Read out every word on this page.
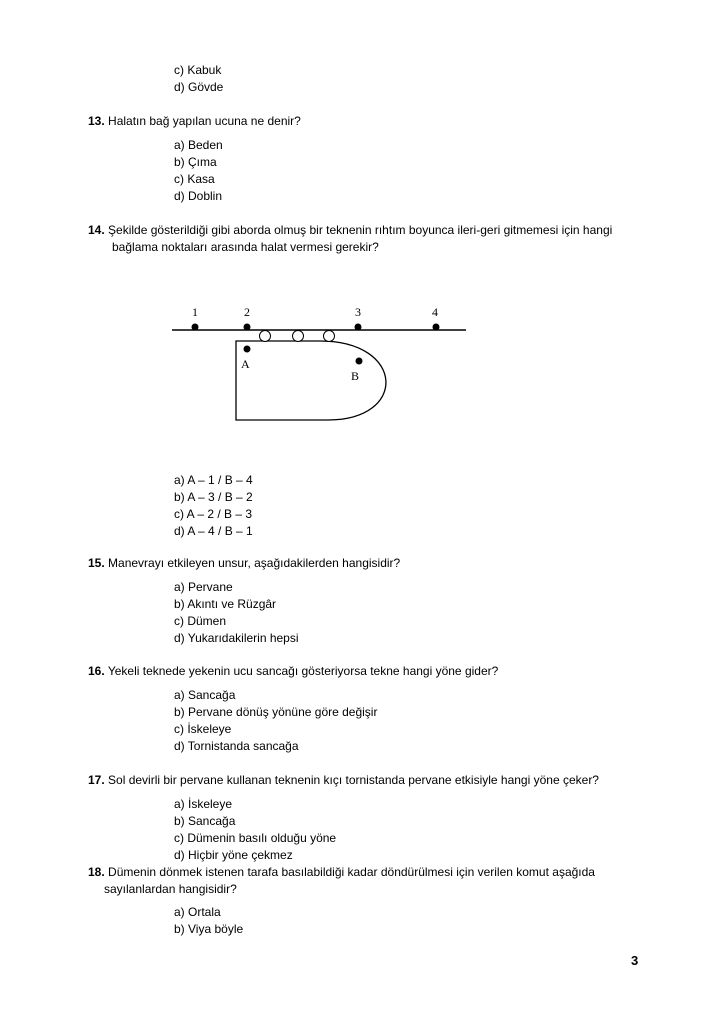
c) Kabuk
d) Gövde
13. Halatın bağ yapılan ucuna ne denir?
a) Beden
b) Çıma
c) Kasa
d) Doblin
14. Şekilde gösterildiği gibi aborda olmuş bir teknenin rıhtım boyunca ileri-geri gitmemesi için hangi
bağlama noktaları arasında halat vermesi gerekir?
1	2	3	4
A
B
a) A – 1 / B – 4
b) A – 3 / B – 2
c) A – 2 / B – 3
d) A – 4 / B – 1
15. Manevrayı etkileyen unsur, aşağıdakilerden hangisidir?
a) Pervane
b) Akıntı ve Rüzgâr
c) Dümen
d) Yukarıdakilerin hepsi
16. Yekeli teknede yekenin ucu sancağı gösteriyorsa tekne hangi yöne gider?
a) Sancağa
b) Pervane dönüş yönüne göre değişir
c) İskeleye
d) Tornistanda sancağa
17. Sol devirli bir pervane kullanan teknenin kıçı tornistanda pervane etkisiyle hangi yöne çeker?
a) İskeleye
b) Sancağa
c) Dümenin basılı olduğu yöne
d) Hiçbir yöne çekmez
18. Dümenin dönmek istenen tarafa basılabildiği kadar döndürülmesi için verilen komut aşağıda
sayılanlardan hangisidir?
a) Ortala
b) Viya böyle
3
